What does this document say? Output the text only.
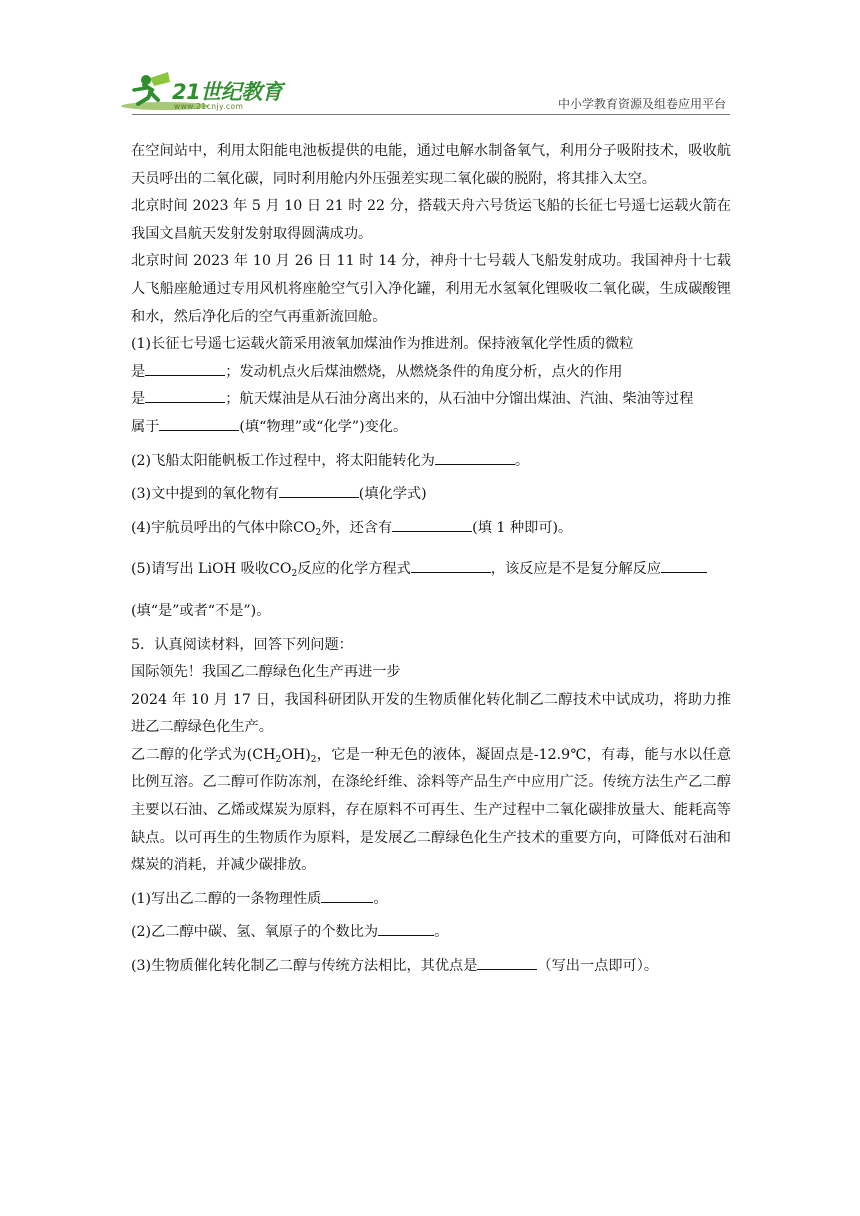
21世纪教育
www.21cnjy.com	中小学教育资源及组卷应用平台

在空间站中，利用太阳能电池板提供的电能，通过电解水制备氧气，利用分子吸附技术，吸收航天员呼出的二氧化碳，同时利用舱内外压强差实现二氧化碳的脱附，将其排入太空。

北京时间 2023 年 5 月 10 日 21 时 22 分，搭载天舟六号货运飞船的长征七号遥七运载火箭在我国文昌航天发射发射取得圆满成功。

北京时间 2023 年 10 月 26 日 11 时 14 分，神舟十七号载人飞船发射成功。我国神舟十七载人飞船座舱通过专用风机将座舱空气引入净化罐，利用无水氢氧化锂吸收二氧化碳，生成碳酸锂和水，然后净化后的空气再重新流回舱。

(1)长征七号遥七运载火箭采用液氧加煤油作为推进剂。保持液氧化学性质的微粒

是	；发动机点火后煤油燃烧，从燃烧条件的角度分析，点火的作用

是	；航天煤油是从石油分离出来的，从石油中分馏出煤油、汽油、柴油等过程

属于	(填“物理”或“化学”)变化。

(2)飞船太阳能帆板工作过程中，将太阳能转化为	。

(3)文中提到的氧化物有	(填化学式)

(4)宇航员呼出的气体中除$CO_2$外，还含有	(填 1 种即可)。

(5)请写出 LiOH 吸收$CO_2$反应的化学方程式	，该反应是不是复分解反应

(填“是”或者“不是”)。

5．认真阅读材料，回答下列问题：

国际领先！我国乙二醇绿色化生产再进一步

2024 年 10 月 17 日，我国科研团队开发的生物质催化转化制乙二醇技术中试成功，将助力推进乙二醇绿色化生产。

乙二醇的化学式为$(CH_2OH)_2$，它是一种无色的液体，凝固点是-12.9℃，有毒，能与水以任意比例互溶。乙二醇可作防冻剂，在涤纶纤维、涂料等产品生产中应用广泛。传统方法生产乙二醇主要以石油、乙烯或煤炭为原料，存在原料不可再生、生产过程中二氧化碳排放量大、能耗高等缺点。以可再生的生物质作为原料，是发展乙二醇绿色化生产技术的重要方向，可降低对石油和煤炭的消耗，并减少碳排放。

(1)写出乙二醇的一条物理性质	。

(2)乙二醇中碳、氢、氧原子的个数比为	。

(3)生物质催化转化制乙二醇与传统方法相比，其优点是	（写出一点即可）。
